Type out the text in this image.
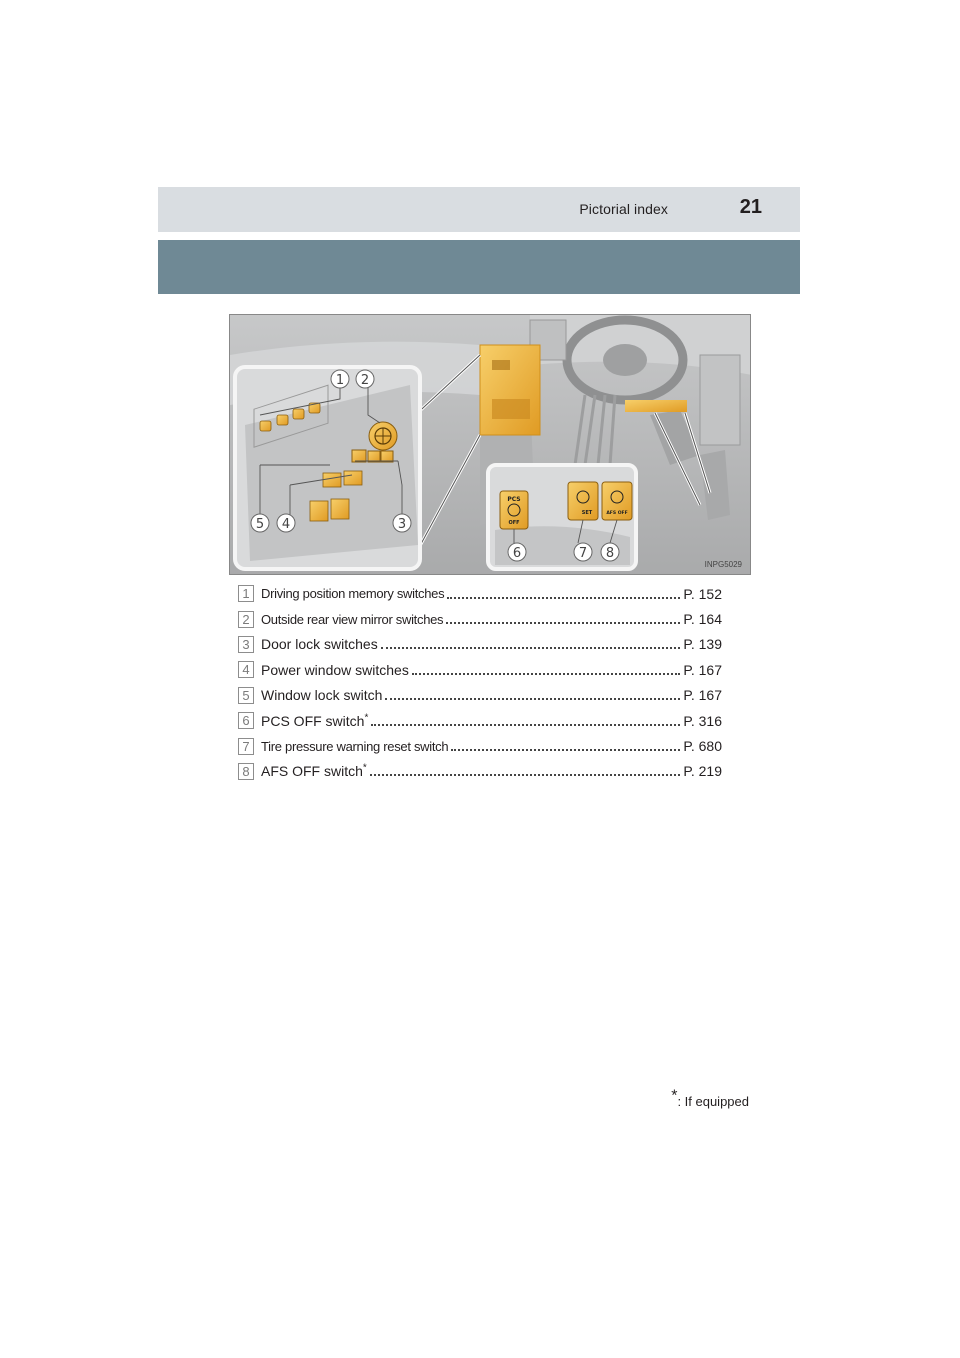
Pictorial index	21
PCS
OFF
SET	AFS OFF
1 2
3
4
5
6	7 8
INPG5029
1 Driving position memory switches	P. 152
2 Outside rear view mirror switches	P. 164
3 Door lock switches	P. 139
4 Power window switches	P. 167
5 Window lock switch	P. 167
6 PCS OFF switch*	P. 316
7 Tire pressure warning reset switch	P. 680
8 AFS OFF switch*	P. 219
*: If equipped
